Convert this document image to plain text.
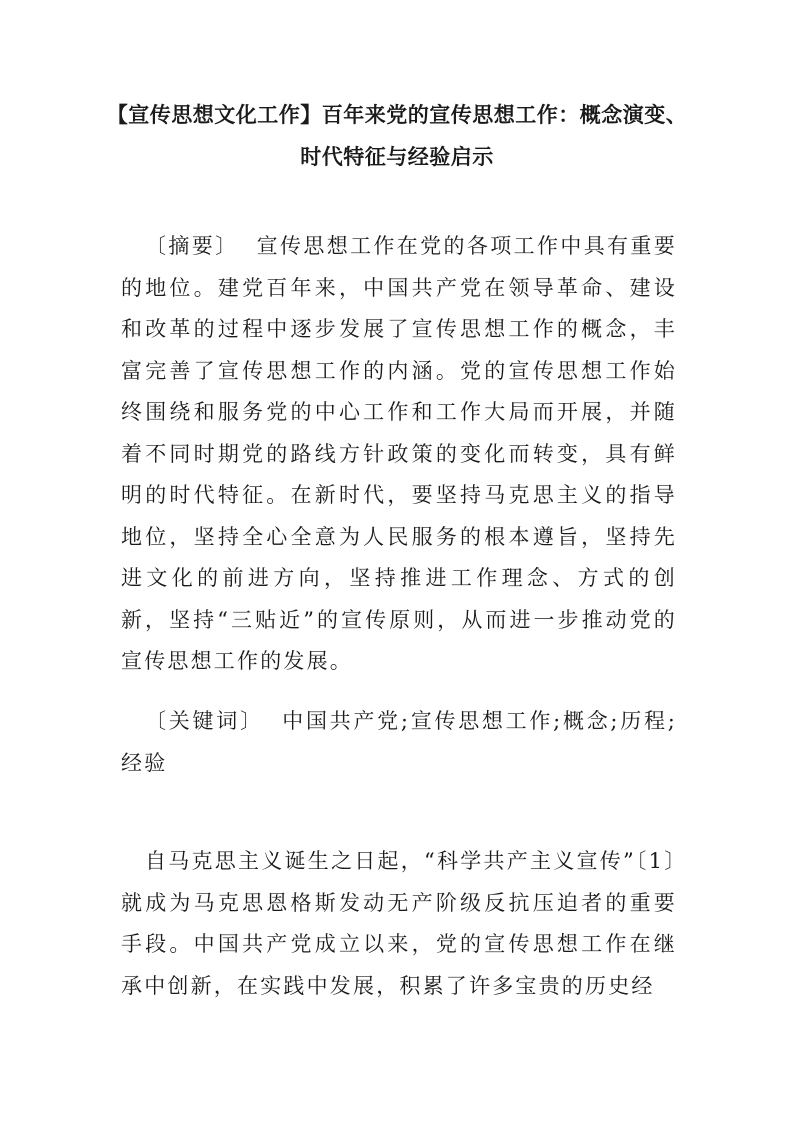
【宣传思想文化工作】百年来党的宣传思想工作：概念演变、时代特征与经验启示

〔摘要〕 宣传思想工作在党的各项工作中具有重要的地位。建党百年来，中国共产党在领导革命、建设和改革的过程中逐步发展了宣传思想工作的概念，丰富完善了宣传思想工作的内涵。党的宣传思想工作始终围绕和服务党的中心工作和工作大局而开展，并随着不同时期党的路线方针政策的变化而转变，具有鲜明的时代特征。在新时代，要坚持马克思主义的指导地位，坚持全心全意为人民服务的根本遵旨，坚持先进文化的前进方向，坚持推进工作理念、方式的创新，坚持“三贴近”的宣传原则，从而进一步推动党的宣传思想工作的发展。

〔关键词〕 中国共产党;宣传思想工作;概念;历程;经验

自马克思主义诞生之日起，“科学共产主义宣传”〔1〕就成为马克思恩格斯发动无产阶级反抗压迫者的重要手段。中国共产党成立以来，党的宣传思想工作在继承中创新，在实践中发展，积累了许多宝贵的历史经
